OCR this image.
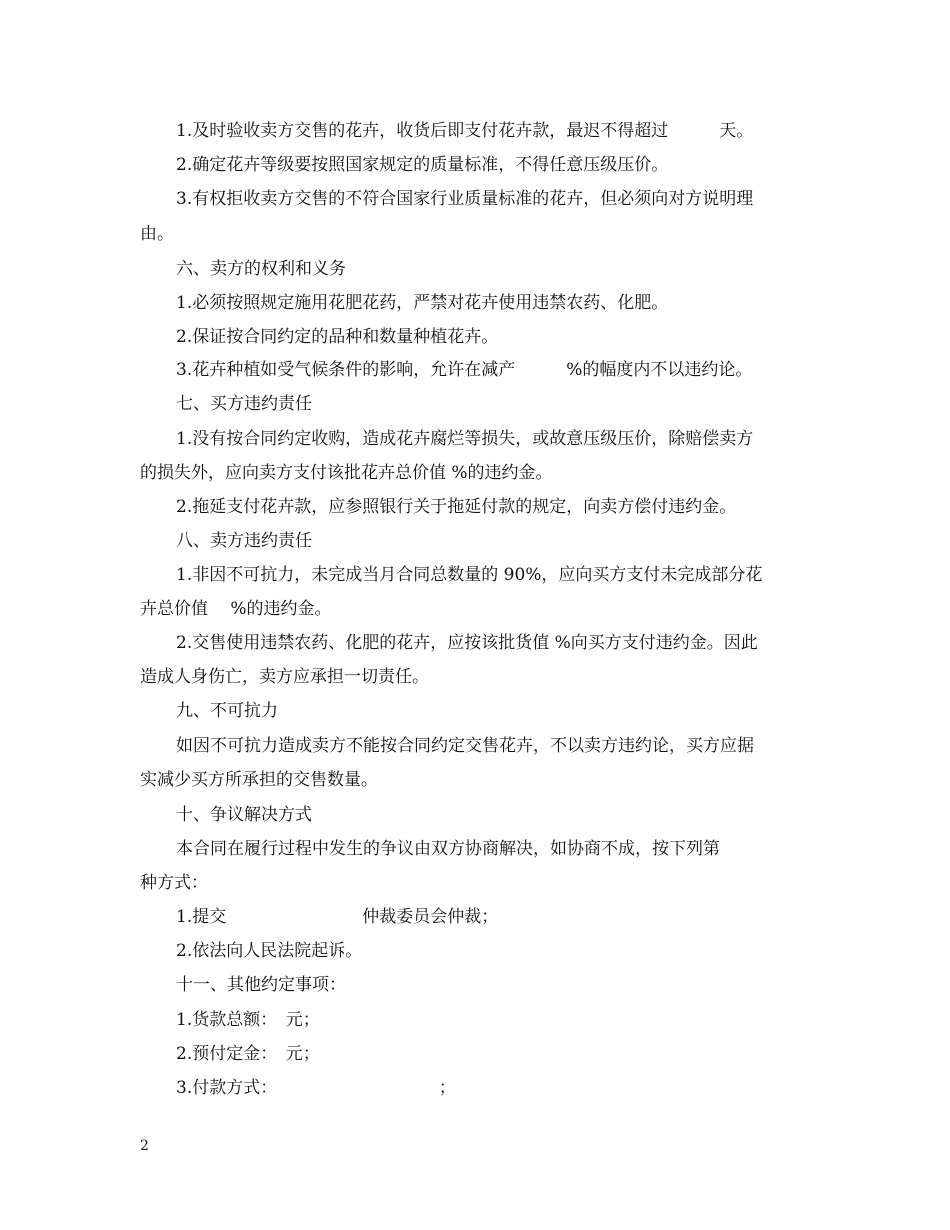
1.及时验收卖方交售的花卉，收货后即支付花卉款，最迟不得超过　　　天。

2.确定花卉等级要按照国家规定的质量标准，不得任意压级压价。

3.有权拒收卖方交售的不符合国家行业质量标准的花卉，但必须向对方说明理

由。

六、卖方的权利和义务

1.必须按照规定施用花肥花药，严禁对花卉使用违禁农药、化肥。

2.保证按合同约定的品种和数量种植花卉。

3.花卉种植如受气候条件的影响，允许在减产　　　%的幅度内不以违约论。

七、买方违约责任

1.没有按合同约定收购，造成花卉腐烂等损失，或故意压级压价，除赔偿卖方

的损失外，应向卖方支付该批花卉总价值 %的违约金。

2.拖延支付花卉款，应参照银行关于拖延付款的规定，向卖方偿付违约金。

八、卖方违约责任

1.非因不可抗力，未完成当月合同总数量的 90%，应向买方支付未完成部分花

卉总价值　 %的违约金。

2.交售使用违禁农药、化肥的花卉，应按该批货值 %向买方支付违约金。因此

造成人身伤亡，卖方应承担一切责任。

九、不可抗力

如因不可抗力造成卖方不能按合同约定交售花卉，不以卖方违约论，买方应据

实减少买方所承担的交售数量。

十、争议解决方式

本合同在履行过程中发生的争议由双方协商解决，如协商不成，按下列第

种方式：

1.提交　　　　　　　　仲裁委员会仲裁；

2.依法向人民法院起诉。

十一、其他约定事项：

1.货款总额：　元；

2.预付定金：　元；

3.付款方式：　　　　　　　　　　；

2
